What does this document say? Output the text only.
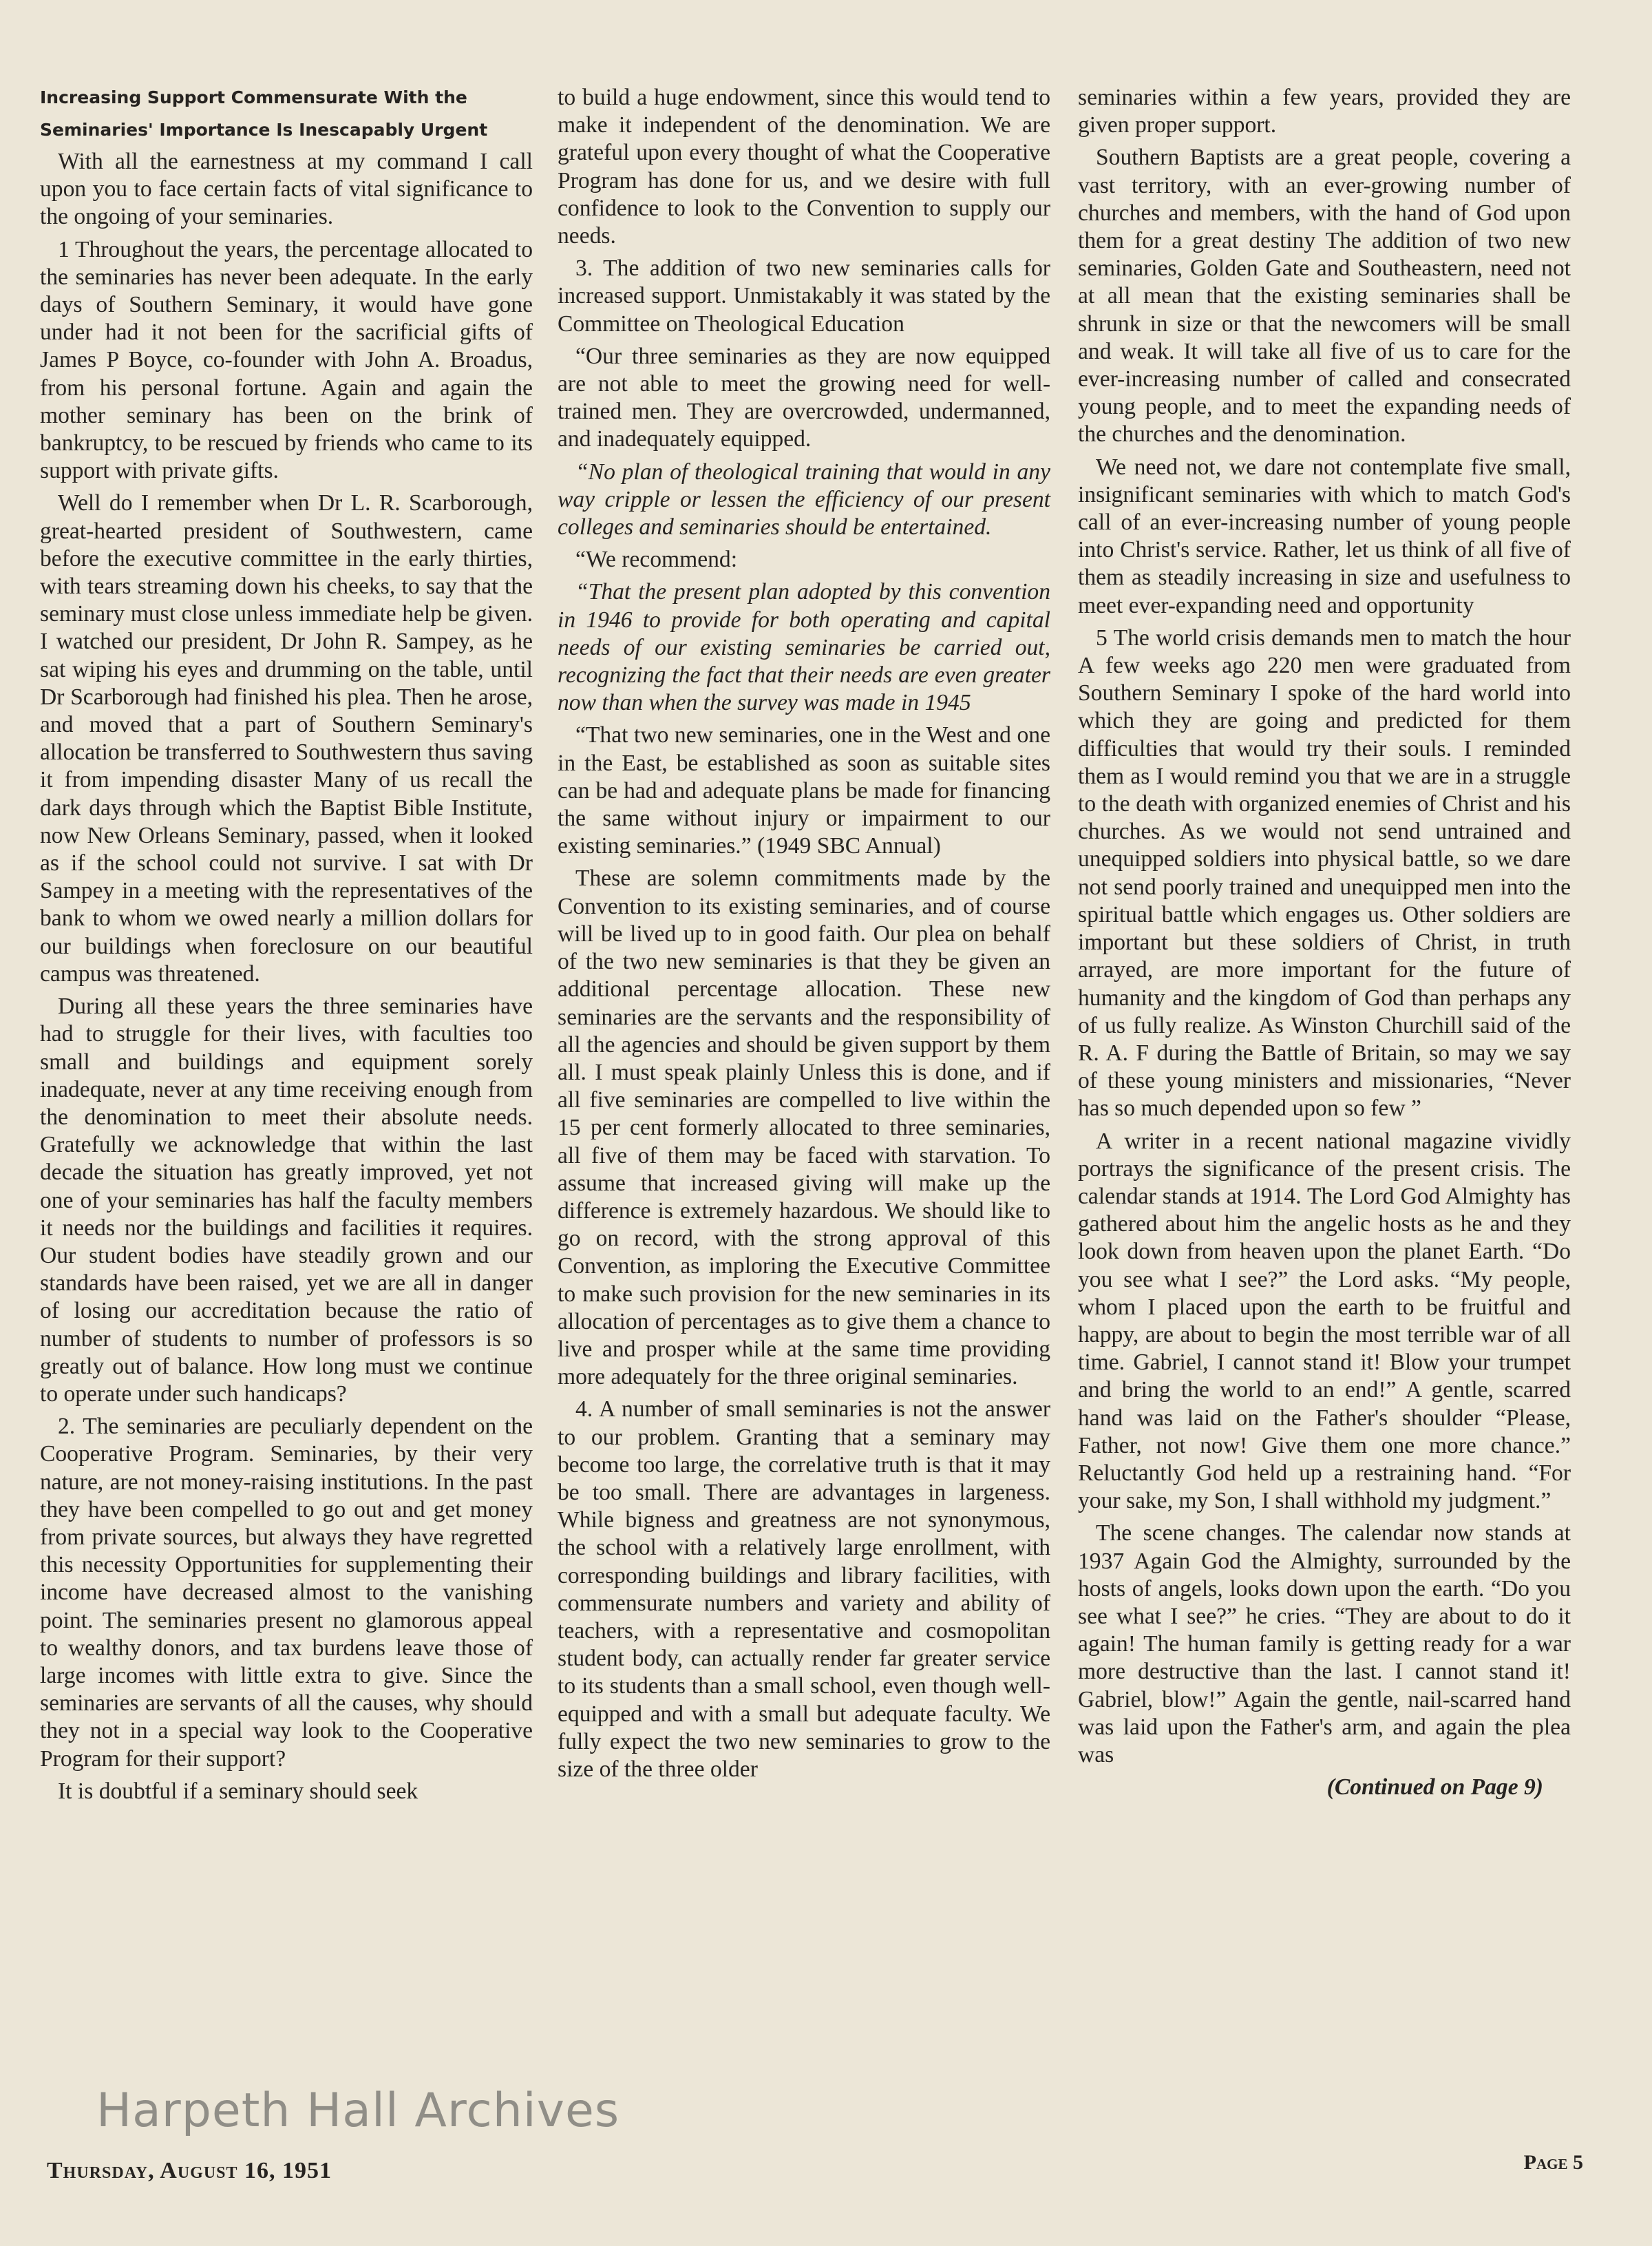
Increasing Support Commensurate With the

Seminaries' Importance Is Inescapably Urgent

With all the earnestness at my command I call upon you to face certain facts of vital significance to the ongoing of your seminaries.

1 Throughout the years, the percentage allocated to the seminaries has never been adequate. In the early days of Southern Seminary, it would have gone under had it not been for the sacrificial gifts of James P Boyce, co-founder with John A. Broadus, from his personal fortune. Again and again the mother seminary has been on the brink of bankruptcy, to be rescued by friends who came to its support with private gifts.

Well do I remember when Dr L. R. Scarborough, great-hearted president of Southwestern, came before the executive committee in the early thirties, with tears streaming down his cheeks, to say that the seminary must close unless immediate help be given. I watched our president, Dr John R. Sampey, as he sat wiping his eyes and drumming on the table, until Dr Scarborough had finished his plea. Then he arose, and moved that a part of Southern Seminary's allocation be transferred to Southwestern thus saving it from impending disaster Many of us recall the dark days through which the Baptist Bible Institute, now New Orleans Seminary, passed, when it looked as if the school could not survive. I sat with Dr Sampey in a meeting with the representatives of the bank to whom we owed nearly a million dollars for our buildings when foreclosure on our beautiful campus was threatened.

During all these years the three seminaries have had to struggle for their lives, with faculties too small and buildings and equipment sorely inadequate, never at any time receiving enough from the denomination to meet their absolute needs. Gratefully we acknowledge that within the last decade the situation has greatly improved, yet not one of your seminaries has half the faculty members it needs nor the buildings and facilities it requires. Our student bodies have steadily grown and our standards have been raised, yet we are all in danger of losing our accreditation because the ratio of number of students to number of professors is so greatly out of balance. How long must we continue to operate under such handicaps?

2. The seminaries are peculiarly dependent on the Cooperative Program. Seminaries, by their very nature, are not money-raising institutions. In the past they have been compelled to go out and get money from private sources, but always they have regretted this necessity Opportunities for supplementing their income have decreased almost to the vanishing point. The seminaries present no glamorous appeal to wealthy donors, and tax burdens leave those of large incomes with little extra to give. Since the seminaries are servants of all the causes, why should they not in a special way look to the Cooperative Program for their support?

It is doubtful if a seminary should seek

to build a huge endowment, since this would tend to make it independent of the denomination. We are grateful upon every thought of what the Cooperative Program has done for us, and we desire with full confidence to look to the Convention to supply our needs.

3. The addition of two new seminaries calls for increased support. Unmistakably it was stated by the Committee on Theological Education

“Our three seminaries as they are now equipped are not able to meet the growing need for well-trained men. They are overcrowded, undermanned, and inadequately equipped.

“No plan of theological training that would in any way cripple or lessen the efficiency of our present colleges and seminaries should be entertained.

“We recommend:

“That the present plan adopted by this convention in 1946 to provide for both operating and capital needs of our existing seminaries be carried out, recognizing the fact that their needs are even greater now than when the survey was made in 1945

“That two new seminaries, one in the West and one in the East, be established as soon as suitable sites can be had and adequate plans be made for financing the same without injury or impairment to our existing seminaries.” (1949 SBC Annual)

These are solemn commitments made by the Convention to its existing seminaries, and of course will be lived up to in good faith. Our plea on behalf of the two new seminaries is that they be given an additional percentage allocation. These new seminaries are the servants and the responsibility of all the agencies and should be given support by them all. I must speak plainly Unless this is done, and if all five seminaries are compelled to live within the 15 per cent formerly allocated to three seminaries, all five of them may be faced with starvation. To assume that increased giving will make up the difference is extremely hazardous. We should like to go on record, with the strong approval of this Convention, as imploring the Executive Committee to make such provision for the new seminaries in its allocation of percentages as to give them a chance to live and prosper while at the same time providing more adequately for the three original seminaries.

4. A number of small seminaries is not the answer to our problem. Granting that a seminary may become too large, the correlative truth is that it may be too small. There are advantages in largeness. While bigness and greatness are not synonymous, the school with a relatively large enrollment, with corresponding buildings and library facilities, with commensurate numbers and variety and ability of teachers, with a representative and cosmopolitan student body, can actually render far greater service to its students than a small school, even though well-equipped and with a small but adequate faculty. We fully expect the two new seminaries to grow to the size of the three older

seminaries within a few years, provided they are given proper support.

Southern Baptists are a great people, covering a vast territory, with an ever-growing number of churches and members, with the hand of God upon them for a great destiny The addition of two new seminaries, Golden Gate and Southeastern, need not at all mean that the existing seminaries shall be shrunk in size or that the newcomers will be small and weak. It will take all five of us to care for the ever-increasing number of called and consecrated young people, and to meet the expanding needs of the churches and the denomination.

We need not, we dare not contemplate five small, insignificant seminaries with which to match God's call of an ever-increasing number of young people into Christ's service. Rather, let us think of all five of them as steadily increasing in size and usefulness to meet ever-expanding need and opportunity

5 The world crisis demands men to match the hour A few weeks ago 220 men were graduated from Southern Seminary I spoke of the hard world into which they are going and predicted for them difficulties that would try their souls. I reminded them as I would remind you that we are in a struggle to the death with organized enemies of Christ and his churches. As we would not send untrained and unequipped soldiers into physical battle, so we dare not send poorly trained and unequipped men into the spiritual battle which engages us. Other soldiers are important but these soldiers of Christ, in truth arrayed, are more important for the future of humanity and the kingdom of God than perhaps any of us fully realize. As Winston Churchill said of the R. A. F during the Battle of Britain, so may we say of these young ministers and missionaries, “Never has so much depended upon so few ”

A writer in a recent national magazine vividly portrays the significance of the present crisis. The calendar stands at 1914. The Lord God Almighty has gathered about him the angelic hosts as he and they look down from heaven upon the planet Earth. “Do you see what I see?” the Lord asks. “My people, whom I placed upon the earth to be fruitful and happy, are about to begin the most terrible war of all time. Gabriel, I cannot stand it! Blow your trumpet and bring the world to an end!” A gentle, scarred hand was laid on the Father's shoulder “Please, Father, not now! Give them one more chance.” Reluctantly God held up a restraining hand. “For your sake, my Son, I shall withhold my judgment.”

The scene changes. The calendar now stands at 1937 Again God the Almighty, surrounded by the hosts of angels, looks down upon the earth. “Do you see what I see?” he cries. “They are about to do it again! The human family is getting ready for a war more destructive than the last. I cannot stand it! Gabriel, blow!” Again the gentle, nail-scarred hand was laid upon the Father's arm, and again the plea was

(Continued on Page 9)

Harpeth Hall Archives
Thursday, August 16, 1951	Page 5
